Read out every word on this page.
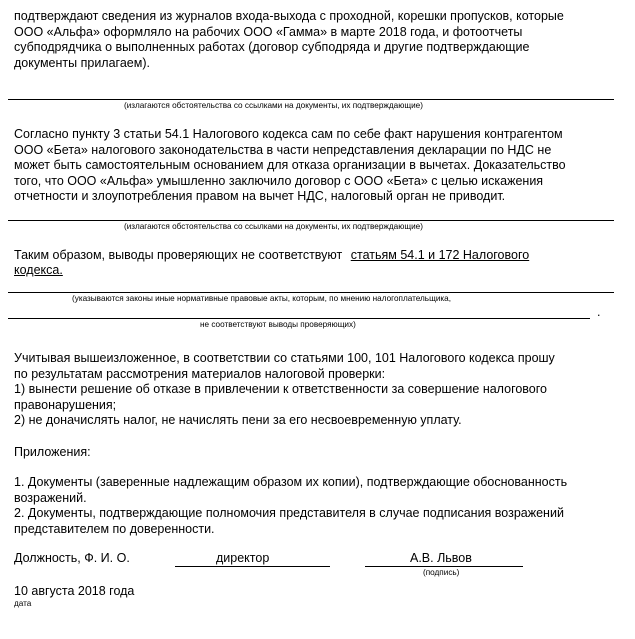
подтверждают сведения из журналов входа-выхода с проходной, корешки пропусков, которые
ООО «Альфа» оформляло на рабочих ООО «Гамма» в марте 2018 года, и фотоотчеты
субподрядчика о выполненных работах (договор субподряда и другие подтверждающие
документы прилагаем).
(излагаются обстоятельства со ссылками на документы, их подтверждающие)
Согласно пункту 3 статьи 54.1 Налогового кодекса сам по себе факт нарушения контрагентом
ООО «Бета» налогового законодательства в части непредставления декларации по НДС не
может быть самостоятельным основанием для отказа организации в вычетах. Доказательство
того, что ООО «Альфа» умышленно заключило договор с ООО «Бета» с целью искажения
отчетности и злоупотребления правом на вычет НДС, налоговый орган не приводит.
(излагаются обстоятельства со ссылками на документы, их подтверждающие)
Таким образом, выводы проверяющих не соответствуют статьям 54.1 и 172 Налогового
кодекса.
(указываются законы иные нормативные правовые акты, которым, по мнению налогоплательщика,
.
не соответствуют выводы проверяющих)
Учитывая вышеизложенное, в соответствии со статьями 100, 101 Налогового кодекса прошу
по результатам рассмотрения материалов налоговой проверки:
1) вынести решение об отказе в привлечении к ответственности за совершение налогового
правонарушения;
2) не доначислять налог, не начислять пени за его несвоевременную уплату.
Приложения:
1. Документы (заверенные надлежащим образом их копии), подтверждающие обоснованность
возражений.
2. Документы, подтверждающие полномочия представителя в случае подписания возражений
представителем по доверенности.
Должность, Ф. И. О.	директор	А.В. Львов
(подпись)
10 августа 2018 года
дата
